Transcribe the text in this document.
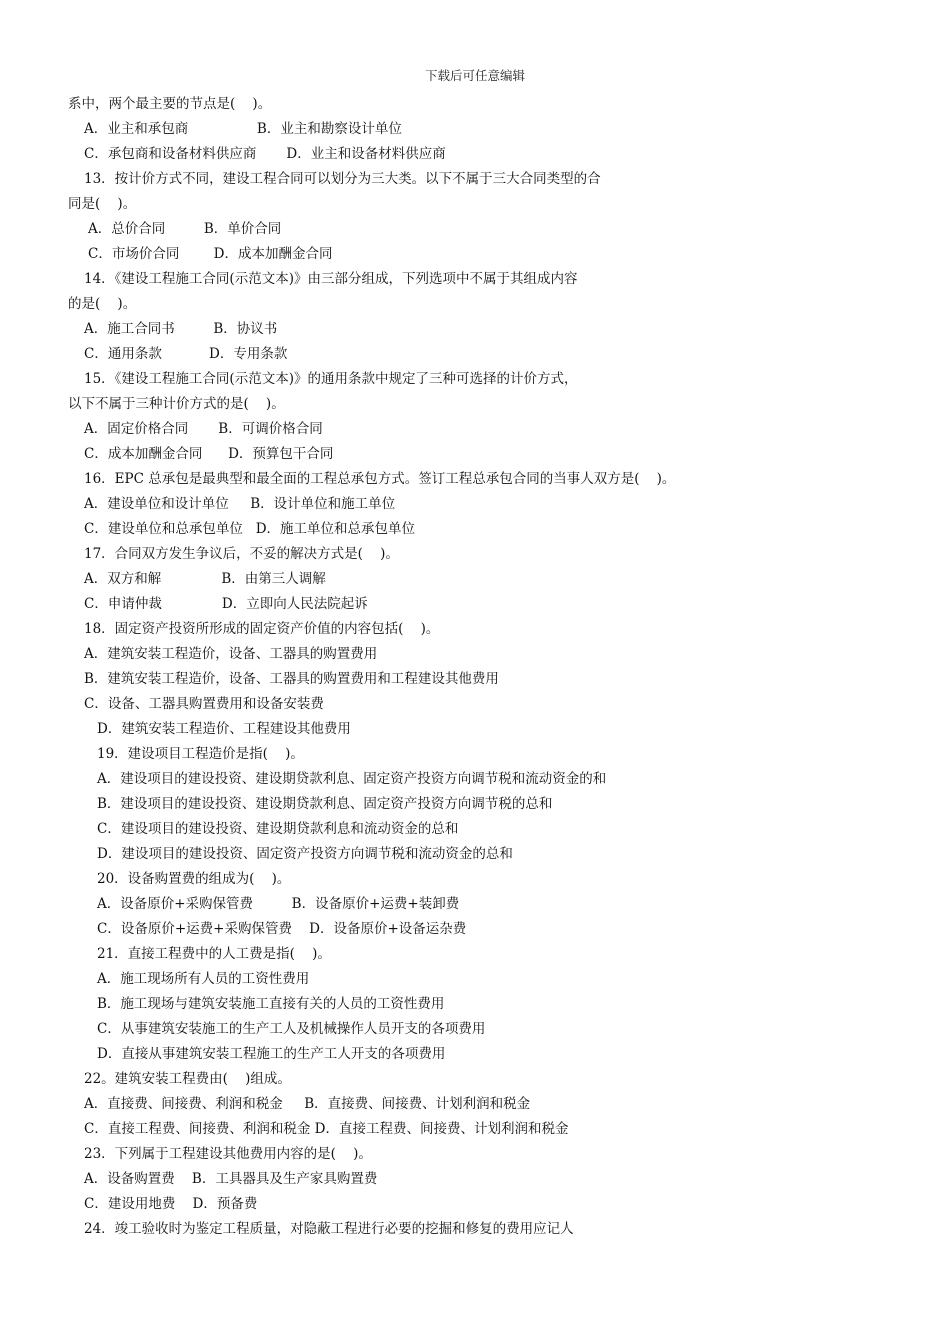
下载后可任意编辑
系中，两个最主要的节点是(    )。
A．业主和承包商                B．业主和勘察设计单位
C．承包商和设备材料供应商       D．业主和设备材料供应商
13．按计价方式不同，建设工程合同可以划分为三大类。以下不属于三大合同类型的合
同是(    )。
A．总价合同         B．单价合同
C．市场价合同        D．成本加酬金合同
14．《建设工程施工合同(示范文本)》由三部分组成，下列选项中不属于其组成内容
的是(    )。
A．施工合同书         B．协议书
C．通用条款           D．专用条款
15．《建设工程施工合同(示范文本)》的通用条款中规定了三种可选择的计价方式，
以下不属于三种计价方式的是(    )。
A．固定价格合同       B．可调价格合同
C．成本加酬金合同      D．预算包干合同
16．EPC 总承包是最典型和最全面的工程总承包方式。签订工程总承包合同的当事人双方是(    )。
A．建设单位和设计单位     B．设计单位和施工单位
C．建设单位和总承包单位   D．施工单位和总承包单位
17．合同双方发生争议后，不妥的解决方式是(    )。
A．双方和解              B．由第三人调解
C．申请仲裁              D．立即向人民法院起诉
18．固定资产投资所形成的固定资产价值的内容包括(    )。
A．建筑安装工程造价，设备、工器具的购置费用
B．建筑安装工程造价，设备、工器具的购置费用和工程建设其他费用
C．设备、工器具购置费用和设备安装费
D．建筑安装工程造价、工程建设其他费用
19．建设项目工程造价是指(    )。
A．建设项目的建设投资、建设期贷款利息、固定资产投资方向调节税和流动资金的和
B．建设项目的建设投资、建设期贷款利息、固定资产投资方向调节税的总和
C．建设项目的建设投资、建设期贷款利息和流动资金的总和
D．建设项目的建设投资、固定资产投资方向调节税和流动资金的总和
20．设备购置费的组成为(    )。
A．设备原价+采购保管费         B．设备原价+运费+装卸费
C．设备原价+运费+采购保管费    D．设备原价+设备运杂费
21．直接工程费中的人工费是指(    )。
A．施工现场所有人员的工资性费用
B．施工现场与建筑安装施工直接有关的人员的工资性费用
C．从事建筑安装施工的生产工人及机械操作人员开支的各项费用
D．直接从事建筑安装工程施工的生产工人开支的各项费用
22。建筑安装工程费由(    )组成。
A．直接费、间接费、利润和税金     B．直接费、间接费、计划利润和税金
C．直接工程费、间接费、利润和税金 D．直接工程费、间接费、计划利润和税金
23．下列属于工程建设其他费用内容的是(    )。
A．设备购置费    B．工具器具及生产家具购置费
C．建设用地费    D．预备费
24．竣工验收时为鉴定工程质量，对隐蔽工程进行必要的挖掘和修复的费用应记人
